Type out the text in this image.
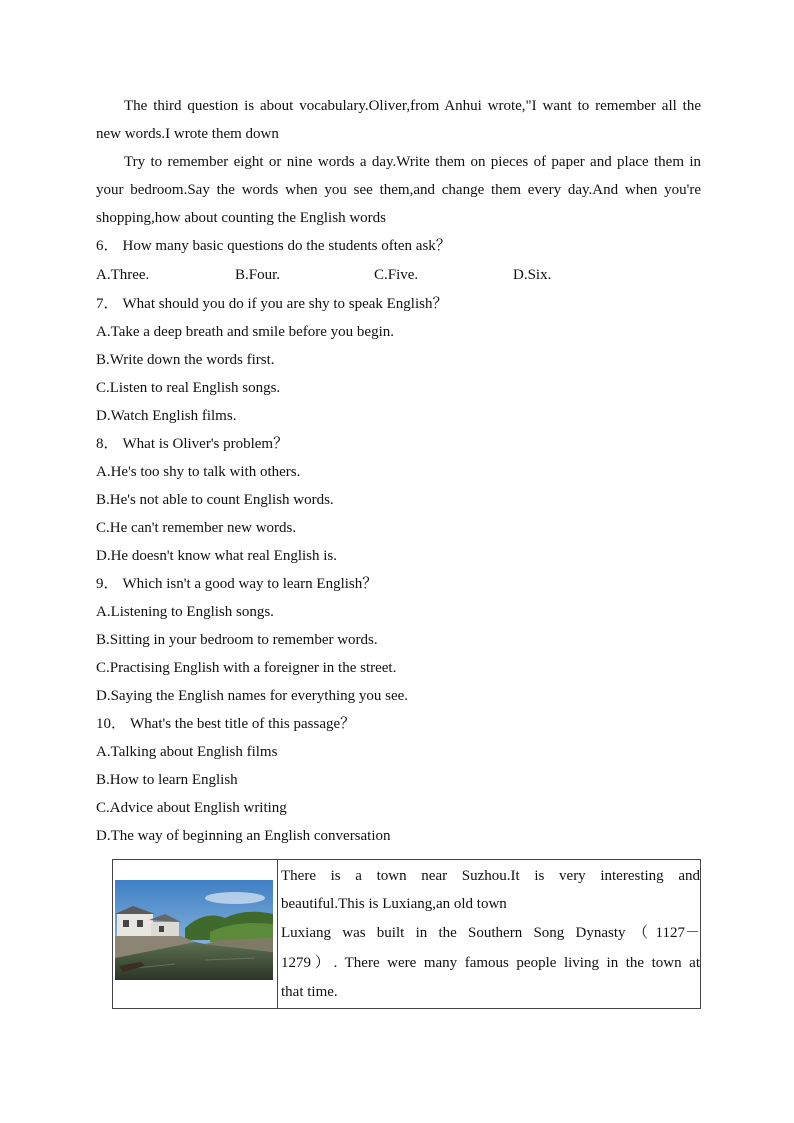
The third question is about vocabulary.Oliver,from Anhui wrote,"I want to remember all the new words.I wrote them down

Try to remember eight or nine words a day.Write them on pieces of paper and place them in your bedroom.Say the words when you see them,and change them every day.And when you're shopping,how about counting the English words

6． How many basic questions do the students often ask？

A.Three.	B.Four.	C.Five.	D.Six.

7． What should you do if you are shy to speak English？

A.Take a deep breath and smile before you begin.

B.Write down the words first.

C.Listen to real English songs.

D.Watch English films.

8． What is Oliver's problem？

A.He's too shy to talk with others.

B.He's not able to count English words.

C.He can't remember new words.

D.He doesn't know what real English is.

9． Which isn't a good way to learn English？

A.Listening to English songs.

B.Sitting in your bedroom to remember words.

C.Practising English with a foreigner in the street.

D.Saying the English names for everything you see.

10． What's the best title of this passage？

A.Talking about English films

B.How to learn English

C.Advice about English writing

D.The way of beginning an English conversation

There is a town near Suzhou.It is very interesting and

beautiful.This is Luxiang,an old town

Luxiang was built in the Southern Song Dynasty（1127－

1279）. There were many famous people living in the town at

that time.
